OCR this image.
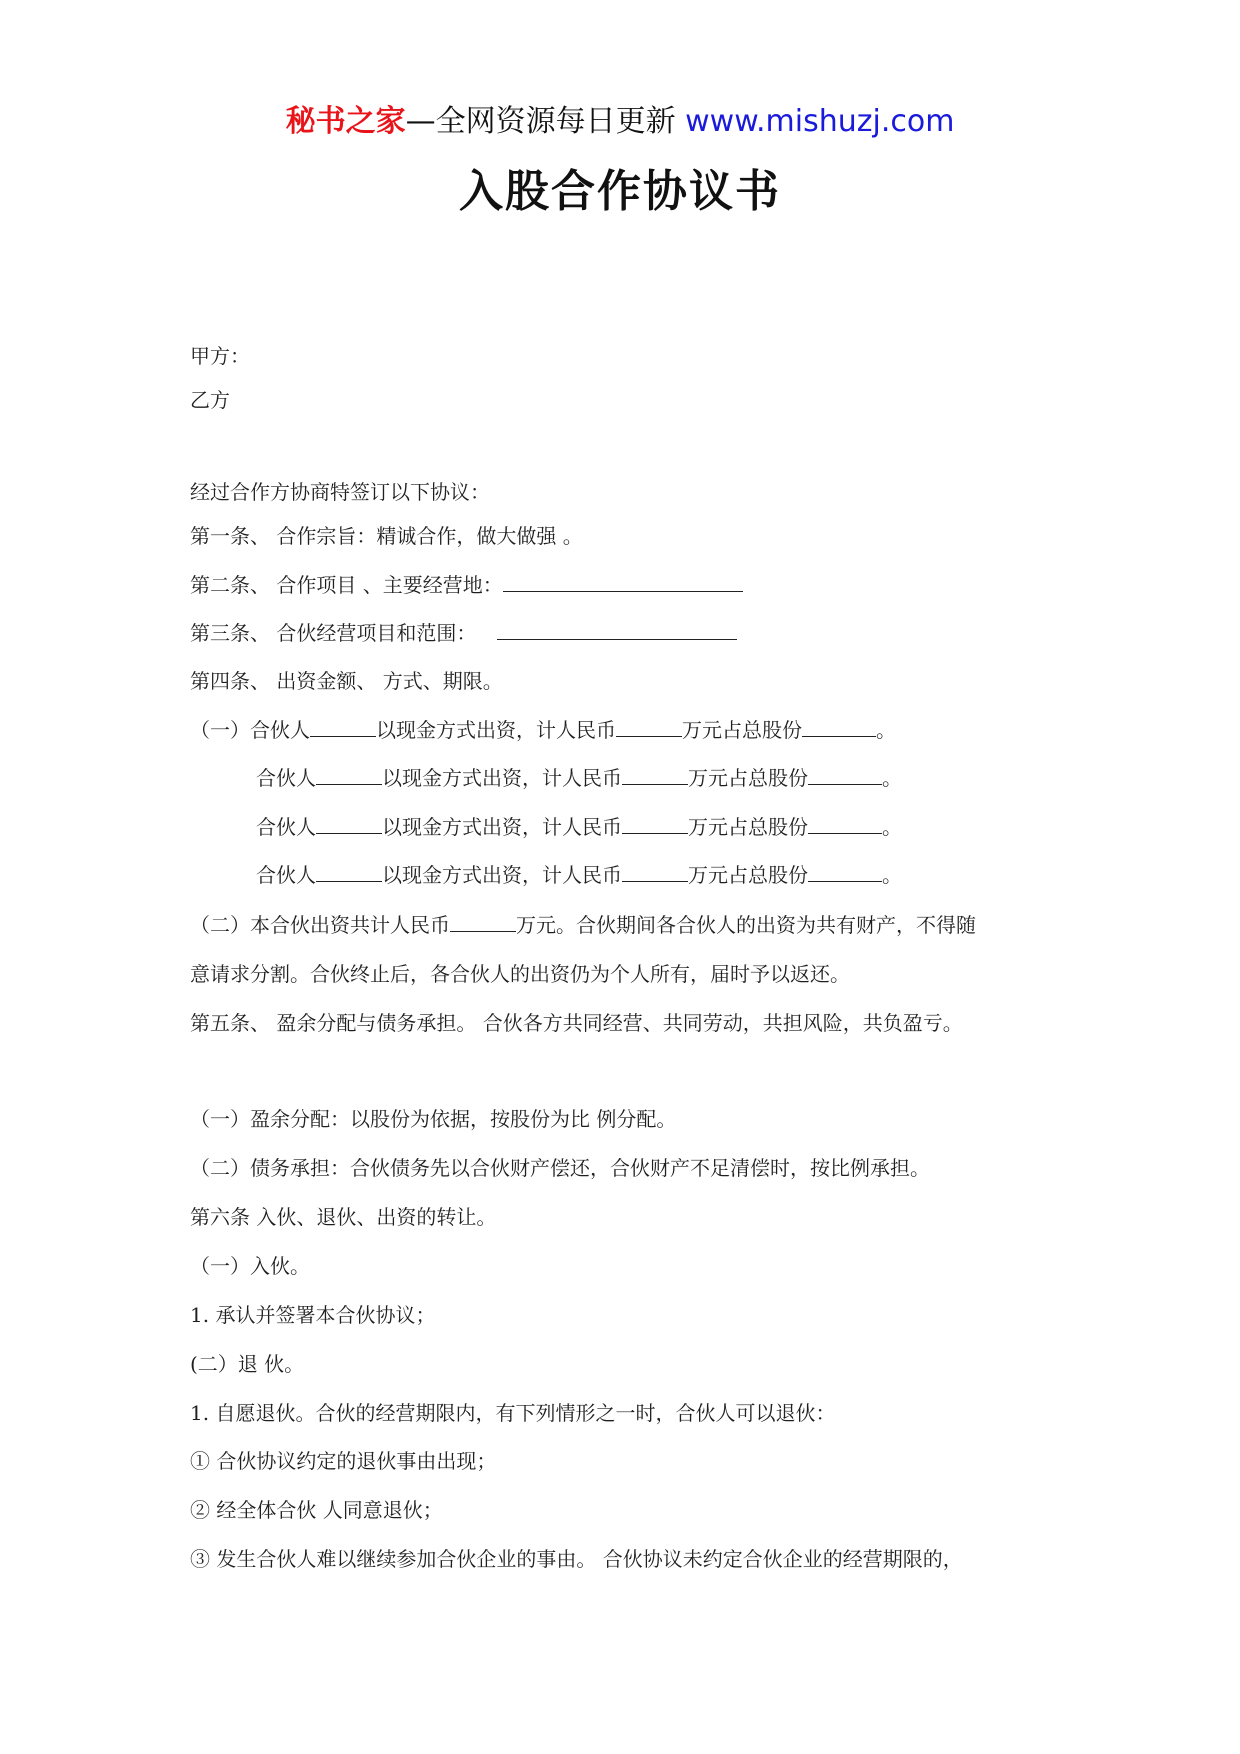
秘书之家—全网资源每日更新 www.mishuzj.com
入股合作协议书
甲方：
乙方
经过合作方协商特签订以下协议：
第一条、 合作宗旨：精诚合作，做大做强 。
第二条、 合作项目 、主要经营地：
第三条、 合伙经营项目和范围：
第四条、 出资金额、 方式、期限。
（一）合伙人	以现金方式出资，计人民币	万元占总股份	。
合伙人	以现金方式出资，计人民币	万元占总股份	。
合伙人	以现金方式出资，计人民币	万元占总股份	。
合伙人	以现金方式出资，计人民币	万元占总股份	。
（二）本合伙出资共计人民币	万元。合伙期间各合伙人的出资为共有财产，不得随
意请求分割。合伙终止后，各合伙人的出资仍为个人所有，届时予以返还。
第五条、 盈余分配与债务承担。 合伙各方共同经营、共同劳动，共担风险，共负盈亏。
（一）盈余分配：以股份为依据，按股份为比 例分配。
（二）债务承担：合伙债务先以合伙财产偿还，合伙财产不足清偿时，按比例承担。
第六条 入伙、退伙、出资的转让。
（一）入伙。
1. 承认并签署本合伙协议；
(二）退 伙。
1. 自愿退伙。合伙的经营期限内，有下列情形之一时，合伙人可以退伙：
① 合伙协议约定的退伙事由出现；
② 经全体合伙 人同意退伙；
③ 发生合伙人难以继续参加合伙企业的事由。 合伙协议未约定合伙企业的经营期限的，
